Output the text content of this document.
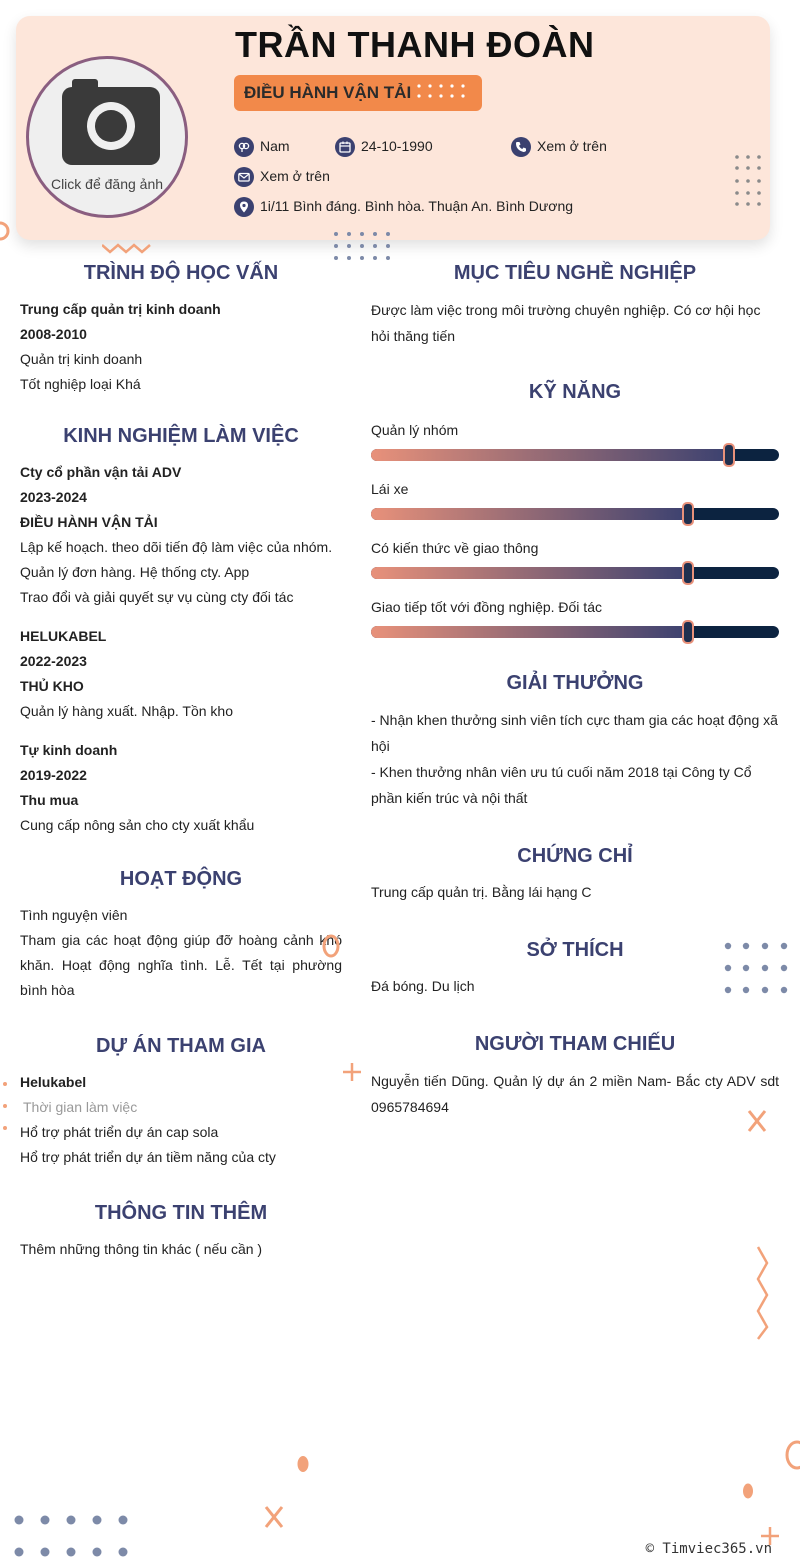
Click để đăng ảnh
TRẦN THANH ĐOÀN
ĐIỀU HÀNH VẬN TẢI
Nam	24-10-1990	Xem ở trên
Xem ở trên
1i/11 Bình đáng. Bình hòa. Thuận An. Bình Dương
TRÌNH ĐỘ HỌC VẤN

Trung cấp quản trị kinh doanh

2008-2010

Quản trị kinh doanh

Tốt nghiệp loại Khá

KINH NGHIỆM LÀM VIỆC

Cty cổ phần vận tải ADV

2023-2024

ĐIỀU HÀNH VẬN TẢI

Lập kế hoạch. theo dõi tiến độ làm việc của nhóm.

Quản lý đơn hàng. Hệ thống cty. App

Trao đổi và giải quyết sự vụ cùng cty đối tác

HELUKABEL

2022-2023

THỦ KHO

Quản lý hàng xuất. Nhập. Tồn kho

Tự kinh doanh

2019-2022

Thu mua

Cung cấp nông sản cho cty xuất khẩu

HOẠT ĐỘNG

Tình nguyện viên

Tham gia các hoạt động giúp đỡ hoàng cảnh khó khăn. Hoạt động nghĩa tình. Lễ. Tết tại phường bình hòa

DỰ ÁN THAM GIA

Helukabel

Thời gian làm việc

Hổ trợ phát triển dự án cap sola

Hổ trợ phát triển dự án tiềm năng của cty

THÔNG TIN THÊM

Thêm những thông tin khác ( nếu cần )

MỤC TIÊU NGHỀ NGHIỆP

Được làm việc trong môi trường chuyên nghiệp. Có cơ hội học hỏi thăng tiến

KỸ NĂNG

Quản lý nhóm

Lái xe

Có kiến thức về giao thông

Giao tiếp tốt với đồng nghiệp. Đối tác

GIẢI THƯỞNG

- Nhận khen thưởng sinh viên tích cực tham gia các hoạt động xã hội

- Khen thưởng nhân viên ưu tú cuối năm 2018 tại Công ty Cổ phần kiến trúc và nội thất

CHỨNG CHỈ

Trung cấp quản trị. Bằng lái hạng C

SỞ THÍCH

Đá bóng. Du lịch

NGƯỜI THAM CHIẾU

Nguyễn tiến Dũng. Quản lý dự án 2 miền Nam- Bắc cty ADV sdt 0965784694

© Timviec365.vn
